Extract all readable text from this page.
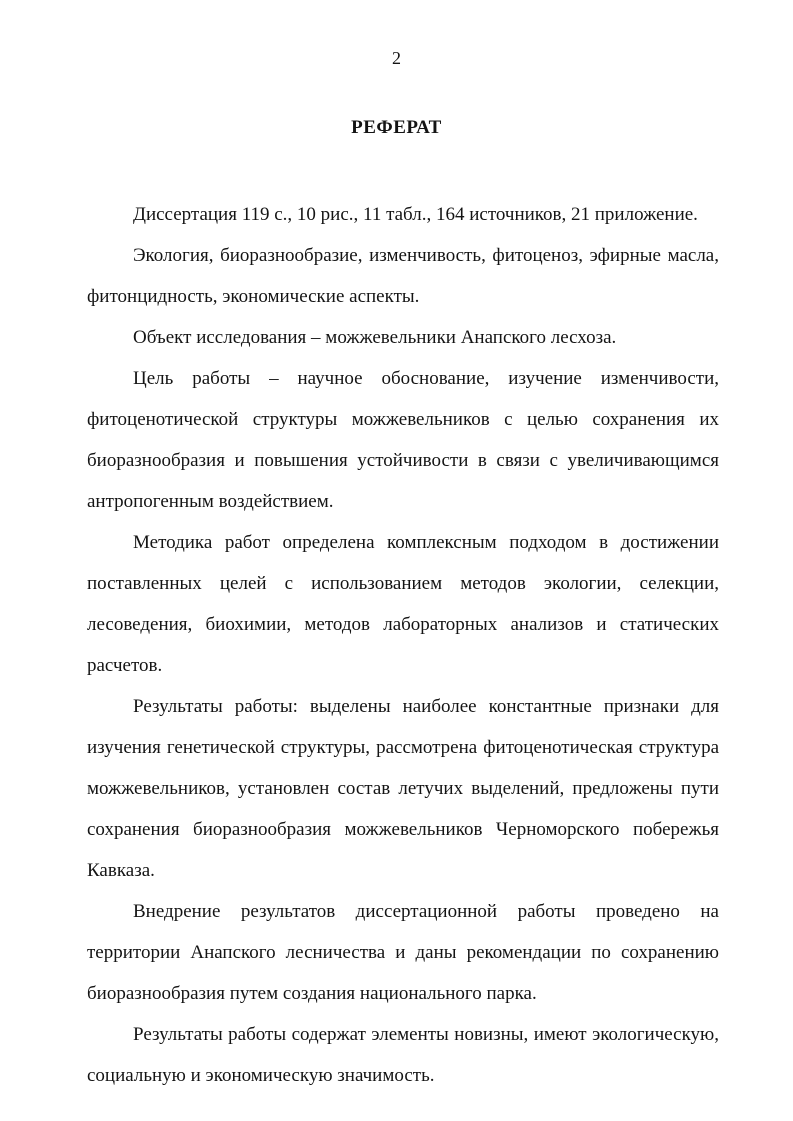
2
РЕФЕРАТ

Диссертация 119 с., 10 рис., 11 табл., 164 источников, 21 приложение.

Экология, биоразнообразие, изменчивость, фитоценоз, эфирные масла, фитонцидность, экономические аспекты.

Объект исследования – можжевельники Анапского лесхоза.

Цель работы – научное обоснование, изучение изменчивости, фитоценотической структуры можжевельников с целью сохранения их биоразнообразия и повышения устойчивости в связи с увеличивающимся антропогенным воздействием.

Методика работ определена комплексным подходом в достижении поставленных целей с использованием методов экологии, селекции, лесоведения, биохимии, методов лабораторных анализов и статических расчетов.

Результаты работы: выделены наиболее константные признаки для изучения генетической структуры, рассмотрена фитоценотическая структура можжевельников, установлен состав летучих выделений, предложены пути сохранения биоразнообразия можжевельников Черноморского побережья Кавказа.

Внедрение результатов диссертационной работы проведено на территории Анапского лесничества и даны рекомендации по сохранению биоразнообразия путем создания национального парка.

Результаты работы содержат элементы новизны, имеют экологическую, социальную и экономическую значимость.
